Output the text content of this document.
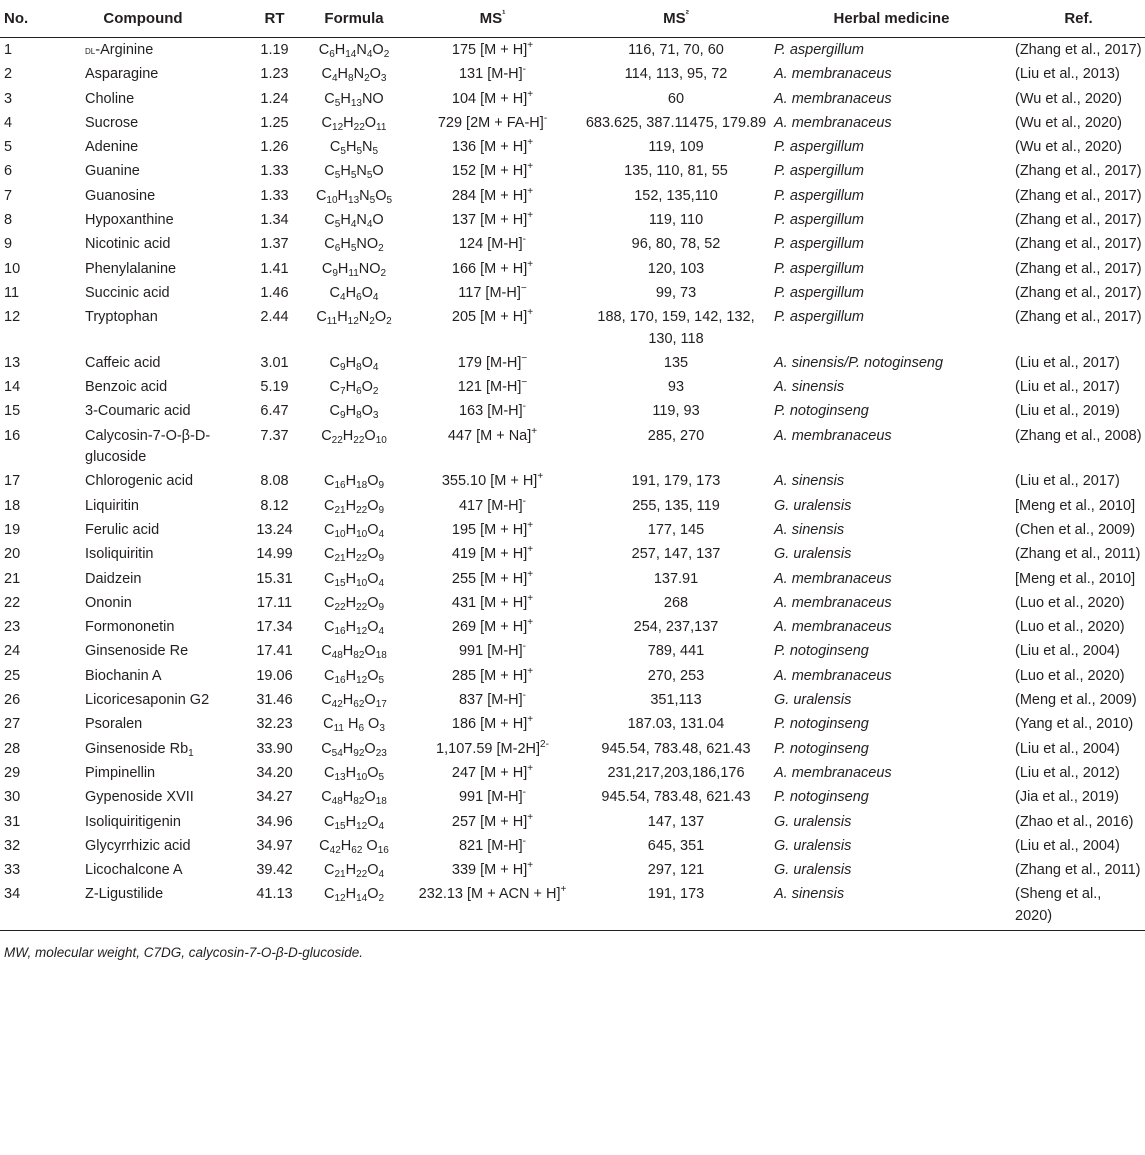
No.	Compound	RT	Formula	$MS^{^1}$	$MS^{^2}$	Herbal medicine	Ref.
1	dl-Arginine	1.19	$C_6H_{14}N_4O_2$	175 [M + H]+	116, 71, 70, 60	P. aspergillum	(Zhang et al., 2017)
2	Asparagine	1.23	$C_4H_8N_2O_3$	131 [M-H]-	114, 113, 95, 72	A. membranaceus	(Liu et al., 2013)
3	Choline	1.24	$C_5H_{13}NO$	104 [M + H]+	60	A. membranaceus	(Wu et al., 2020)
4	Sucrose	1.25	$C_{12}H_{22}O_{11}$	729 [2M + FA-H]-	683.625, 387.11475, 179.89	A. membranaceus	(Wu et al., 2020)
5	Adenine	1.26	$C_5H_5N_5$	136 [M + H]+	119, 109	P. aspergillum	(Wu et al., 2020)
6	Guanine	1.33	$C_5H_5N_5O$	152 [M + H]+	135, 110, 81, 55	P. aspergillum	(Zhang et al., 2017)
7	Guanosine	1.33	$C_{10}H_{13}N_5O_5$	284 [M + H]+	152, 135,110	P. aspergillum	(Zhang et al., 2017)
8	Hypoxanthine	1.34	$C_5H_4N_4O$	137 [M + H]+	119, 110	P. aspergillum	(Zhang et al., 2017)
9	Nicotinic acid	1.37	$C_6H_5NO_2$	124 [M-H]-	96, 80, 78, 52	P. aspergillum	(Zhang et al., 2017)
10	Phenylalanine	1.41	$C_9H_{11}NO_2$	166 [M + H]+	120, 103	P. aspergillum	(Zhang et al., 2017)
11	Succinic acid	1.46	$C_4H_6O_4$	117 [M-H]−	99, 73	P. aspergillum	(Zhang et al., 2017)
12	Tryptophan	2.44	$C_{11}H_{12}N_2O_2$	205 [M + H]+	188, 170, 159, 142, 132, 130, 118	P. aspergillum	(Zhang et al., 2017)
13	Caffeic acid	3.01	$C_9H_8O_4$	179 [M-H]−	135	A. sinensis/P. notoginseng	(Liu et al., 2017)
14	Benzoic acid	5.19	$C_7H_6O_2$	121 [M-H]−	93	A. sinensis	(Liu et al., 2017)
15	3-Coumaric acid	6.47	$C_9H_8O_3$	163 [M-H]-	119, 93	P. notoginseng	(Liu et al., 2019)
16	Calycosin-7-O-β-D-glucoside	7.37	$C_{22}H_{22}O_{10}$	447 [M + Na]+	285, 270	A. membranaceus	(Zhang et al., 2008)
17	Chlorogenic acid	8.08	$C_{16}H_{18}O_9$	355.10 [M + H]+	191, 179, 173	A. sinensis	(Liu et al., 2017)
18	Liquiritin	8.12	$C_{21}H_{22}O_9$	417 [M-H]-	255, 135, 119	G. uralensis	[Meng et al., 2010]
19	Ferulic acid	13.24	$C_{10}H_{10}O_4$	195 [M + H]+	177, 145	A. sinensis	(Chen et al., 2009)
20	Isoliquiritin	14.99	$C_{21}H_{22}O_9$	419 [M + H]+	257, 147, 137	G. uralensis	(Zhang et al., 2011)
21	Daidzein	15.31	$C_{15}H_{10}O_4$	255 [M + H]+	137.91	A. membranaceus	[Meng et al., 2010]
22	Ononin	17.11	$C_{22}H_{22}O_9$	431 [M + H]+	268	A. membranaceus	(Luo et al., 2020)
23	Formononetin	17.34	$C_{16}H_{12}O_4$	269 [M + H]+	254, 237,137	A. membranaceus	(Luo et al., 2020)
24	Ginsenoside Re	17.41	$C_{48}H_{82}O_{18}$	991 [M-H]-	789, 441	P. notoginseng	(Liu et al., 2004)
25	Biochanin A	19.06	$C_{16}H_{12}O_5$	285 [M + H]+	270, 253	A. membranaceus	(Luo et al., 2020)
26	Licoricesaponin G2	31.46	$C_{42}H_{62}O_{17}$	837 [M-H]-	351,113	G. uralensis	(Meng et al., 2009)
27	Psoralen	32.23	$C_{11}$ $H_6$ $O_3$	186 [M + H]+	187.03, 131.04	P. notoginseng	(Yang et al., 2010)
28	Ginsenoside $Rb_1$	33.90	$C_{54}H_{92}O_{23}$	1,107.59 $[M-2H]^{2-}$	945.54, 783.48, 621.43	P. notoginseng	(Liu et al., 2004)
29	Pimpinellin	34.20	$C_{13}H_{10}O_5$	247 [M + H]+	231,217,203,186,176	A. membranaceus	(Liu et al., 2012)
30	Gypenoside XVII	34.27	$C_{48}H_{82}O_{18}$	991 [M-H]-	945.54, 783.48, 621.43	P. notoginseng	(Jia et al., 2019)
31	Isoliquiritigenin	34.96	$C_{15}H_{12}O_4$	257 [M + H]+	147, 137	G. uralensis	(Zhao et al., 2016)
32	Glycyrrhizic acid	34.97	$C_{42}H_{62}$ $O_{16}$	821 [M-H]-	645, 351	G. uralensis	(Liu et al., 2004)
33	Licochalcone A	39.42	$C_{21}H_{22}O_4$	339 [M + H]+	297, 121	G. uralensis	(Zhang et al., 2011)
34	Z-Ligustilide	41.13	$C_{12}H_{14}O_2$	232.13 [M + ACN + H]+	191, 173	A. sinensis	(Sheng et al., 2020)
MW, molecular weight, C7DG, calycosin-7-O-β-D-glucoside.
